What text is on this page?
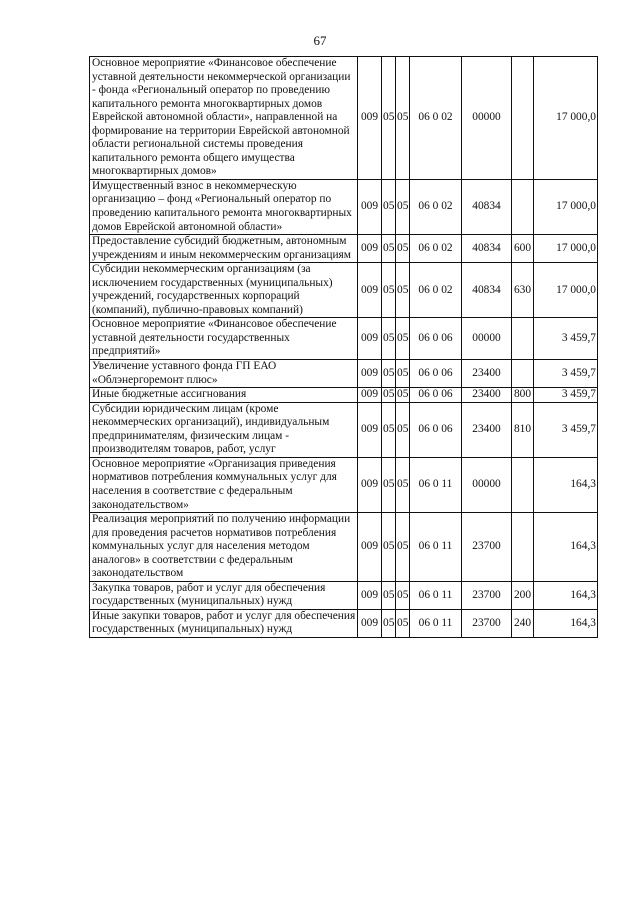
67
Основное мероприятие «Финансовое обеспечение уставной деятельности некоммерческой организации - фонда «Региональный оператор по проведению капитального ремонта многоквартирных домов Еврейской автономной области», направленной на формирование на территории Еврейской автономной области региональной системы проведения капитального ремонта общего имущества многоквартирных домов»	009	05	05	06 0 02	00000		17 000,0
Имущественный взнос в некоммерческую организацию – фонд «Региональный оператор по проведению капитального ремонта многоквартирных домов Еврейской автономной области»	009	05	05	06 0 02	40834		17 000,0
Предоставление субсидий бюджетным, автономным учреждениям и иным некоммерческим организациям	009	05	05	06 0 02	40834	600	17 000,0
Субсидии некоммерческим организациям (за исключением государственных (муниципальных) учреждений, государственных корпораций (компаний), публично-правовых компаний)	009	05	05	06 0 02	40834	630	17 000,0
Основное мероприятие «Финансовое обеспечение уставной деятельности государственных предприятий»	009	05	05	06 0 06	00000		3 459,7
Увеличение уставного фонда ГП ЕАО «Облэнергоремонт плюс»	009	05	05	06 0 06	23400		3 459,7
Иные бюджетные ассигнования	009	05	05	06 0 06	23400	800	3 459,7
Субсидии юридическим лицам (кроме некоммерческих организаций), индивидуальным предпринимателям, физическим лицам - производителям товаров, работ, услуг	009	05	05	06 0 06	23400	810	3 459,7
Основное мероприятие «Организация приведения нормативов потребления коммунальных услуг для населения в соответствие с федеральным законодательством»	009	05	05	06 0 11	00000		164,3
Реализация мероприятий по получению информации для проведения расчетов нормативов потребления коммунальных услуг для населения методом аналогов» в соответствии с федеральным законодательством	009	05	05	06 0 11	23700		164,3
Закупка товаров, работ и услуг для обеспечения государственных (муниципальных) нужд	009	05	05	06 0 11	23700	200	164,3
Иные закупки товаров, работ и услуг для обеспечения государственных (муниципальных) нужд	009	05	05	06 0 11	23700	240	164,3
